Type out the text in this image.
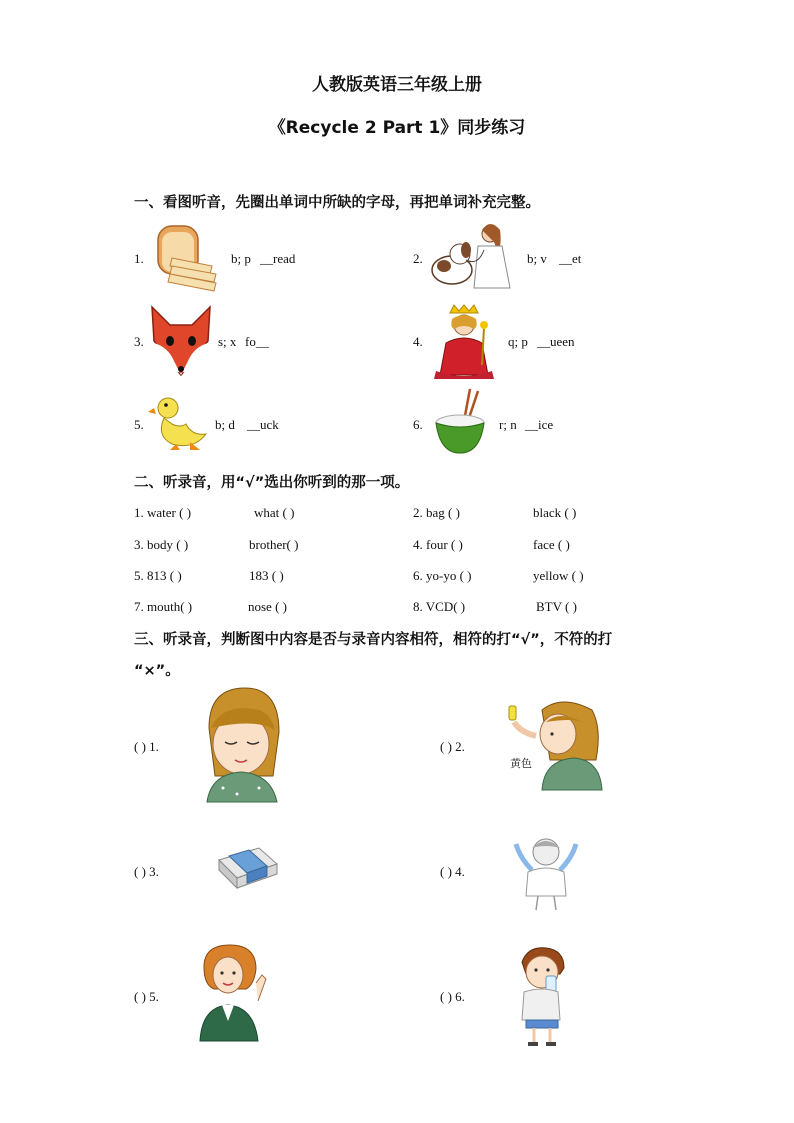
人教版英语三年级上册
《Recycle 2 Part 1》同步练习
一、看图听音，先圈出单词中所缺的字母，再把单词补充完整。
1.	b; p __read	2.	b; v __et
3.	s; x fo__	4.	q; p __ueen
5.	b; d __uck	6.	r; n __ice
二、听录音，用“√”选出你听到的那一项。
1. water ( )	what ( )	2. bag ( )	black ( )
3. body ( )	brother( )	4. four ( )	face ( )
5. 813 ( )	183 ( )	6. yo-yo ( )	yellow ( )
7. mouth( )	nose ( )	8. VCD( )	BTV ( )
三、听录音，判断图中内容是否与录音内容相符，相符的打“√”，不符的打
“×”。
( ) 1.	( ) 2.
黄色
( ) 3.	( ) 4.
( ) 5.	( ) 6.
